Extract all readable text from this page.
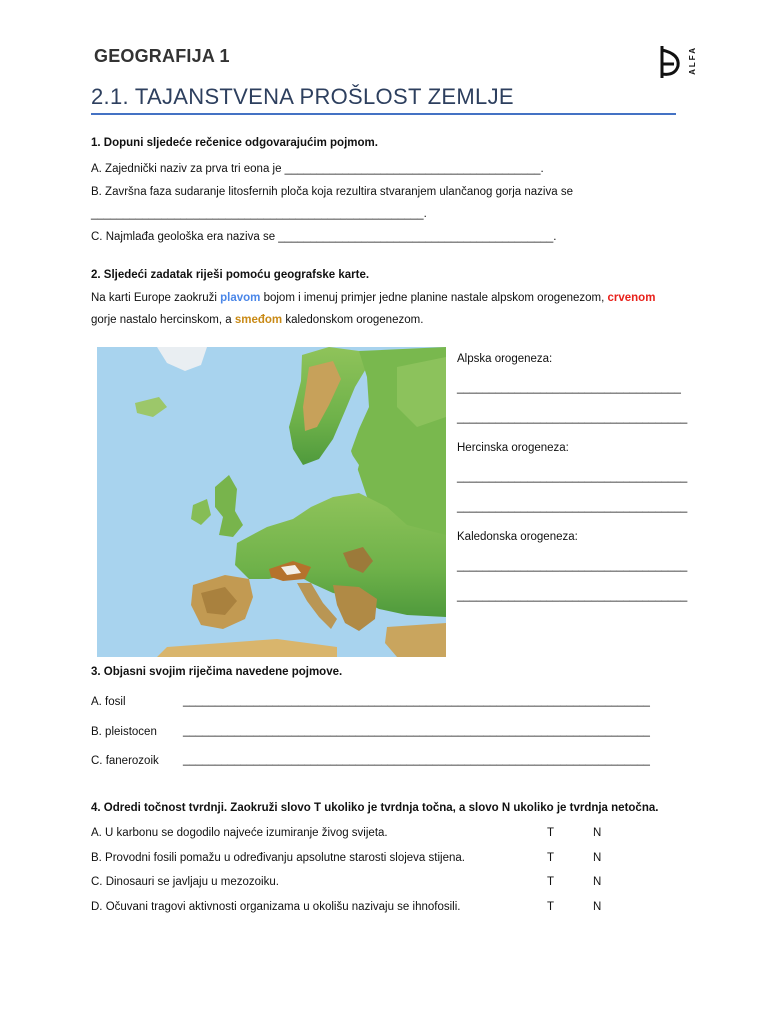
GEOGRAFIJA 1	ALFA
2.1. TAJANSTVENA PROŠLOST ZEMLJE
1. Dopuni sljedeće rečenice odgovarajućim pojmom.
A. Zajednički naziv za prva tri eona je ________________________________________.
B. Završna faza sudaranje litosfernih ploča koja rezultira stvaranjem ulančanog gorja naziva se
____________________________________________________.
C. Najmlađa geološka era naziva se ___________________________________________.
2. Sljedeći zadatak riješi pomoću geografske karte.
Na karti Europe zaokruži plavom bojom i imenuj primjer jedne planine nastale alpskom orogenezom, crvenom
gorje nastalo hercinskom, a smeđom kaledonskom orogenezom.
Alpska orogeneza:
___________________________________
____________________________________
Hercinska orogeneza:
____________________________________
____________________________________
Kaledonska orogeneza:
____________________________________
____________________________________
3. Objasni svojim riječima navedene pojmove.
A. fosil	_________________________________________________________________________
B. pleistocen _________________________________________________________________________
C. fanerozoik _________________________________________________________________________
4. Odredi točnost tvrdnji. Zaokruži slovo T ukoliko je tvrdnja točna, a slovo N ukoliko je tvrdnja netočna.
A. U karbonu se dogodilo najveće izumiranje živog svijeta.	T	N
B. Provodni fosili pomažu u određivanju apsolutne starosti slojeva stijena.	T	N
C. Dinosauri se javljaju u mezozoiku.	T	N
D. Očuvani tragovi aktivnosti organizama u okolišu nazivaju se ihnofosili.	T	N
